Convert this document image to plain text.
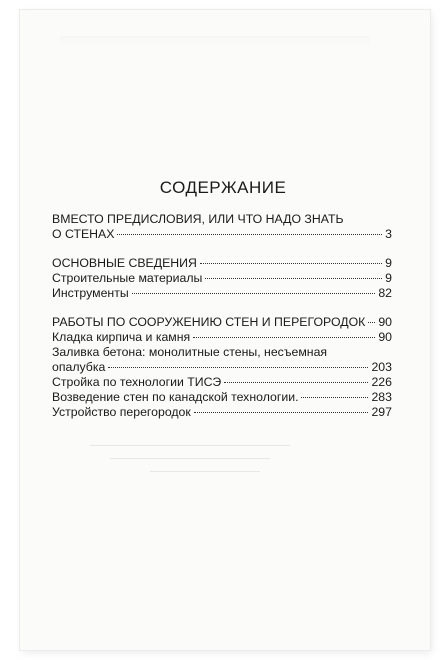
СОДЕРЖАНИЕ
ВМЕСТО ПРЕДИСЛОВИЯ, ИЛИ ЧТО НАДО ЗНАТЬ
О СТЕНАХ	3
ОСНОВНЫЕ СВЕДЕНИЯ	9
Строительные материалы	9
Инструменты	82
РАБОТЫ ПО СООРУЖЕНИЮ СТЕН И ПЕРЕГОРОДОК 90
Кладка кирпича и камня	90
Заливка бетона: монолитные стены, несъемная
опалубка	203
Стройка по технологии ТИСЭ	226
Возведение стен по канадской технологии.	283
Устройство перегородок	297
